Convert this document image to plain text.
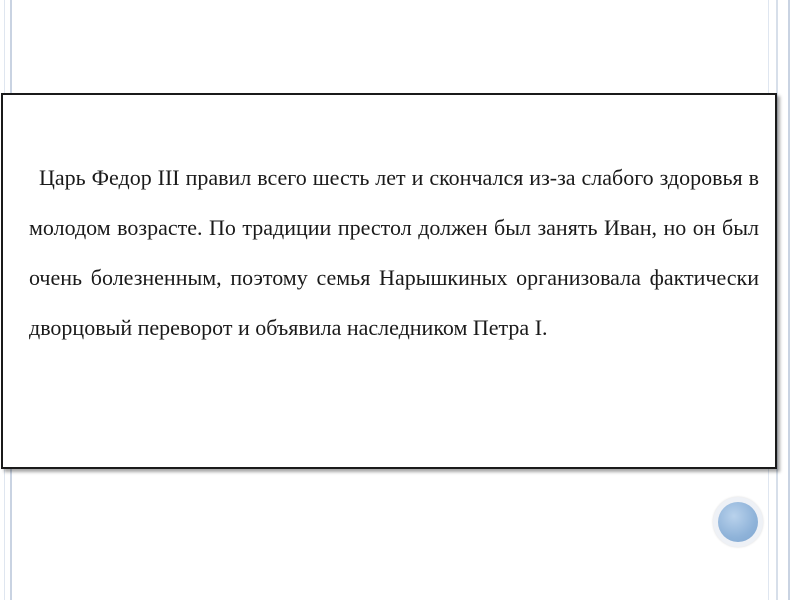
Царь Федор III правил всего шесть лет и скончался из-за слабого здоровья в молодом возрасте. По традиции престол должен был занять Иван, но он был очень болезненным, поэтому семья Нарышкиных организовала фактически дворцовый переворот и объявила наследником Петра I.
